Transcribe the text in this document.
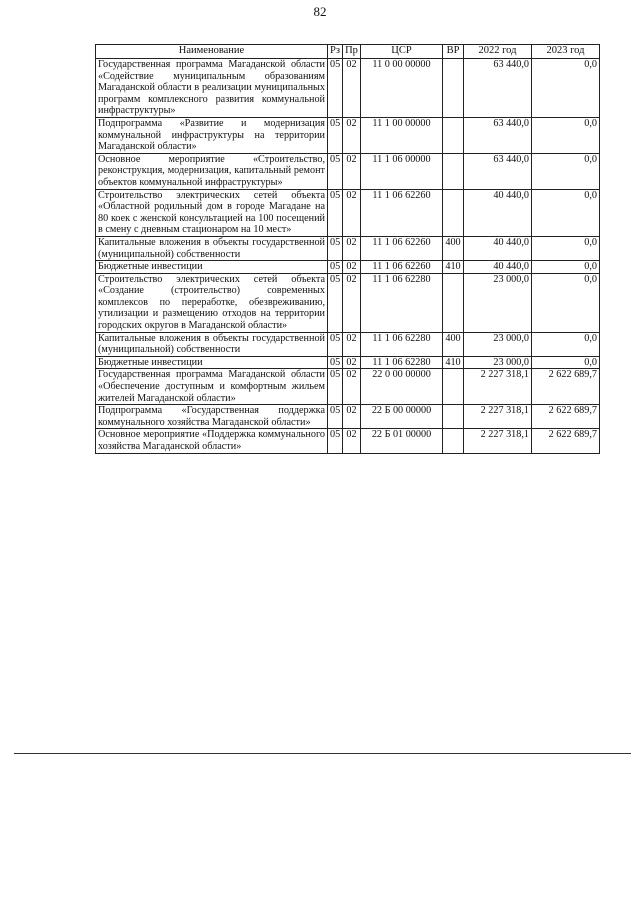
82
Наименование	Рз	Пр	ЦСР	ВР	2022 год	2023 год
Государственная программа Магаданской области «Содействие муниципальным образованиям Магаданской области в реализации муниципальных программ комплексного развития коммунальной инфраструктуры»	05	02	11 0 00 00000		63 440,0	0,0
Подпрограмма «Развитие и модернизация коммунальной инфраструктуры на территории Магаданской области»	05	02	11 1 00 00000		63 440,0	0,0
Основное мероприятие «Строительство, реконструкция, модернизация, капитальный ремонт объектов коммунальной инфраструктуры»	05	02	11 1 06 00000		63 440,0	0,0
Строительство электрических сетей объекта «Областной родильный дом в городе Магадане на 80 коек с женской консультацией на 100 посещений в смену с дневным стационаром на 10 мест»	05	02	11 1 06 62260		40 440,0	0,0
Капитальные вложения в объекты государственной (муниципальной) собственности	05	02	11 1 06 62260	400	40 440,0	0,0
Бюджетные инвестиции	05	02	11 1 06 62260	410	40 440,0	0,0
Строительство электрических сетей объекта «Создание (строительство) современных комплексов по переработке, обезвреживанию, утилизации и размещению отходов на территории городских округов в Магаданской области»	05	02	11 1 06 62280		23 000,0	0,0
Капитальные вложения в объекты государственной (муниципальной) собственности	05	02	11 1 06 62280	400	23 000,0	0,0
Бюджетные инвестиции	05	02	11 1 06 62280	410	23 000,0	0,0
Государственная программа Магаданской области «Обеспечение доступным и комфортным жильем жителей Магаданской области»	05	02	22 0 00 00000		2 227 318,1	2 622 689,7
Подпрограмма «Государственная поддержка коммунального хозяйства Магаданской области»	05	02	22 Б 00 00000		2 227 318,1	2 622 689,7
Основное мероприятие «Поддержка коммунального хозяйства Магаданской области»	05	02	22 Б 01 00000		2 227 318,1	2 622 689,7
